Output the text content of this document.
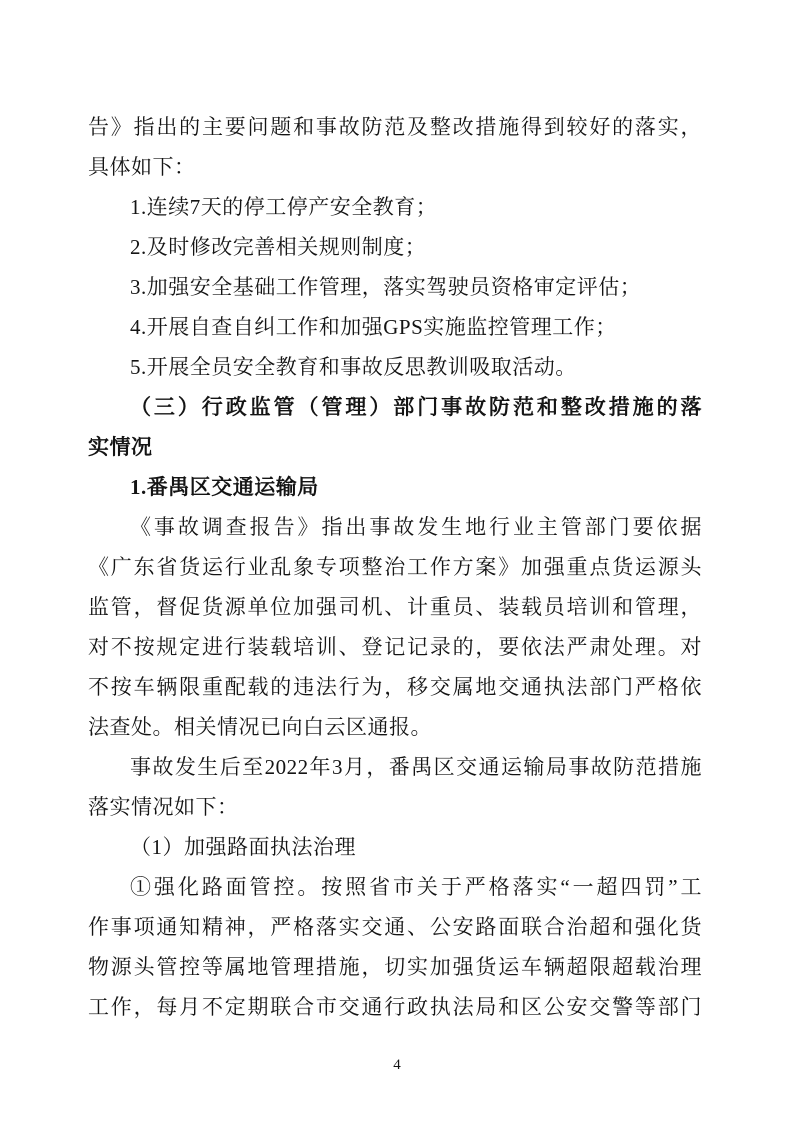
告》指出的主要问题和事故防范及整改措施得到较好的落实，
具体如下：
1.连续7天的停工停产安全教育；
2.及时修改完善相关规则制度；
3.加强安全基础工作管理，落实驾驶员资格审定评估；
4.开展自查自纠工作和加强GPS实施监控管理工作；
5.开展全员安全教育和事故反思教训吸取活动。
（三）行政监管（管理）部门事故防范和整改措施的落
实情况
1.番禺区交通运输局
《事故调查报告》指出事故发生地行业主管部门要依据
《广东省货运行业乱象专项整治工作方案》加强重点货运源头
监管，督促货源单位加强司机、计重员、装载员培训和管理，
对不按规定进行装载培训、登记记录的，要依法严肃处理。对
不按车辆限重配载的违法行为，移交属地交通执法部门严格依
法查处。相关情况已向白云区通报。
事故发生后至2022年3月，番禺区交通运输局事故防范措施
落实情况如下：
（1）加强路面执法治理
①强化路面管控。按照省市关于严格落实“一超四罚”工
作事项通知精神，严格落实交通、公安路面联合治超和强化货
物源头管控等属地管理措施，切实加强货运车辆超限超载治理
工作，每月不定期联合市交通行政执法局和区公安交警等部门
4
